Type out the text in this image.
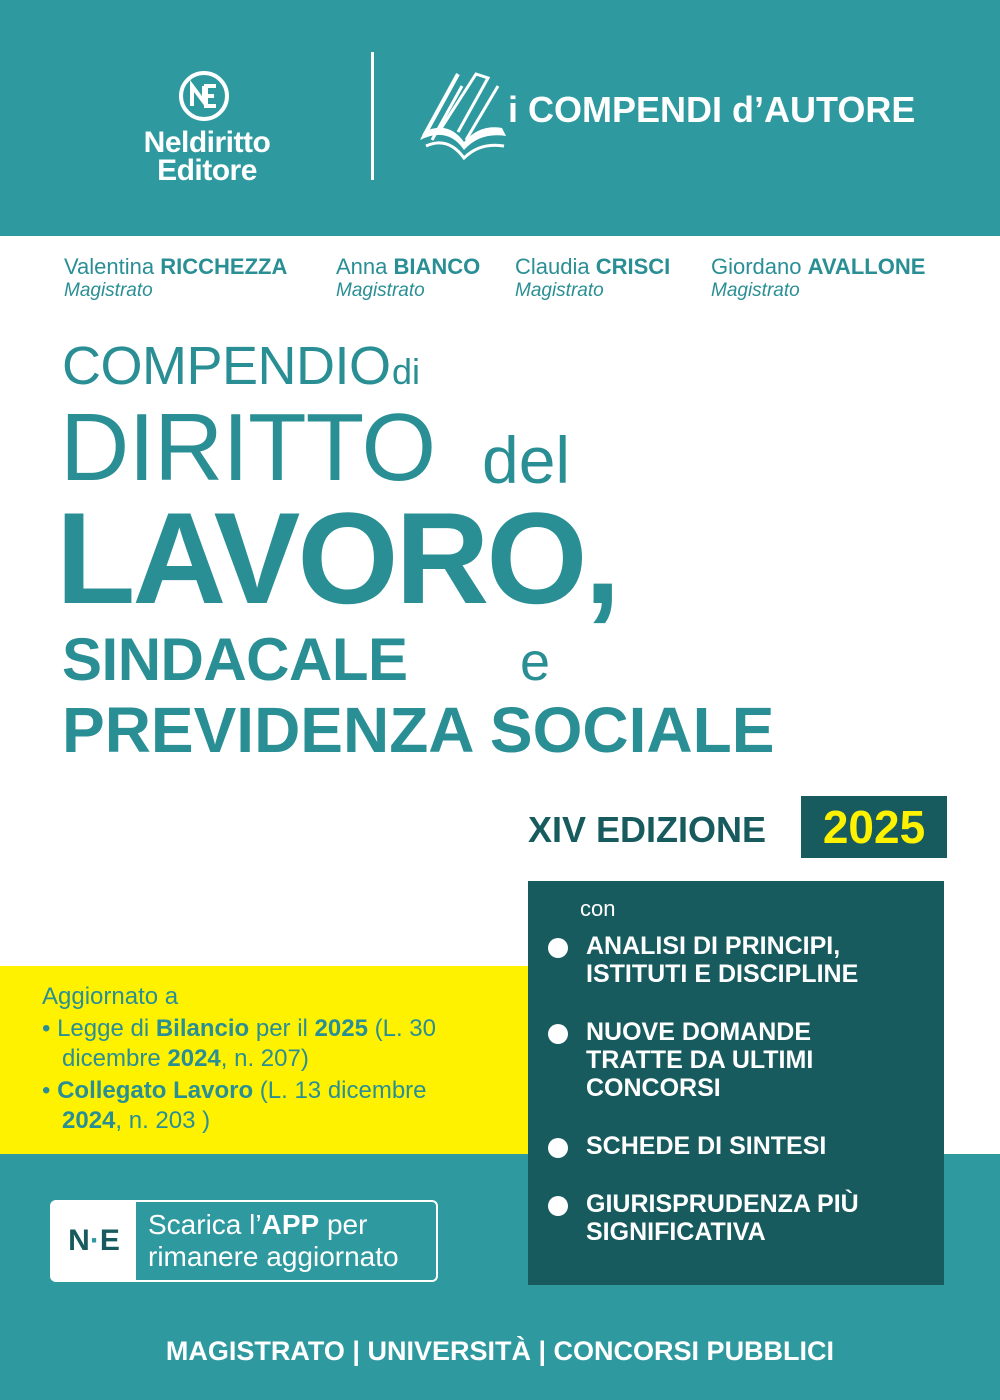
Neldiritto
Editore
i COMPENDI d’AUTORE
Valentina RICCHEZZA
Magistrato
Anna BIANCO
Magistrato
Claudia CRISCI
Magistrato
Giordano AVALLONE
Magistrato
COMPENDIO di
DIRITTO del
LAVORO,
SINDACALE e
PREVIDENZA SOCIALE
XIV EDIZIONE	2025
Aggiornato a
• Legge di Bilancio per il 2025 (L. 30
dicembre 2024, n. 207)
• Collegato Lavoro (L. 13 dicembre
2024, n. 203 )
con
ANALISI DI PRINCIPI,
ISTITUTI E DISCIPLINE
NUOVE DOMANDE
TRATTE DA ULTIMI
CONCORSI
SCHEDE DI SINTESI
GIURISPRUDENZA PIÙ
SIGNIFICATIVA
N·E	Scarica l’APP per
rimanere aggiornato
MAGISTRATO | UNIVERSITÀ | CONCORSI PUBBLICI
